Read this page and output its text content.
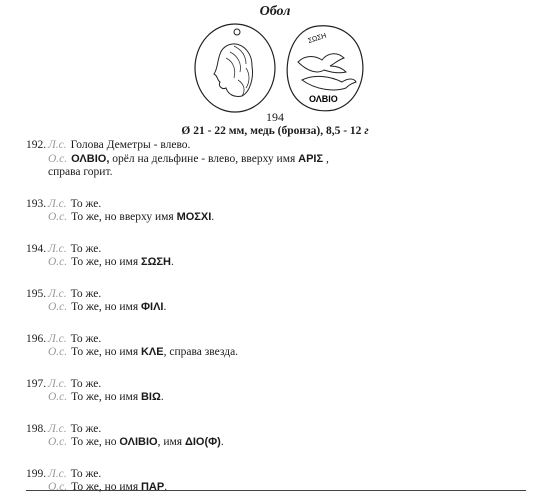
Обол
ΣΩΣΗ
ΟΛΒΙΟ
194
Ø 21 - 22 мм, медь (бронза), 8,5 - 12 г
192. Л.с. Голова Деметры - влево.
О.с. ΟΛΒΙΟ, орёл на дельфине - влево, вверху имя ΑΡΙΣ ,
справа горит.
193. Л.с. То же.
О.с. То же, но вверху имя ΜΟΣΧΙ.
194. Л.с. То же.
О.с. То же, но имя ΣΩΣΗ.
195. Л.с. То же.
О.с. То же, но имя ΦΙΛΙ.
196. Л.с. То же.
О.с. То же, но имя ΚΛΕ, справа звезда.
197. Л.с. То же.
О.с. То же, но имя ΒΙΩ.
198. Л.с. То же.
О.с. То же, но ΟΛΙΒΙΟ, имя ΔΙΟ(Φ).
199. Л.с. То же.
О.с. То же, но имя ΠΑΡ.
